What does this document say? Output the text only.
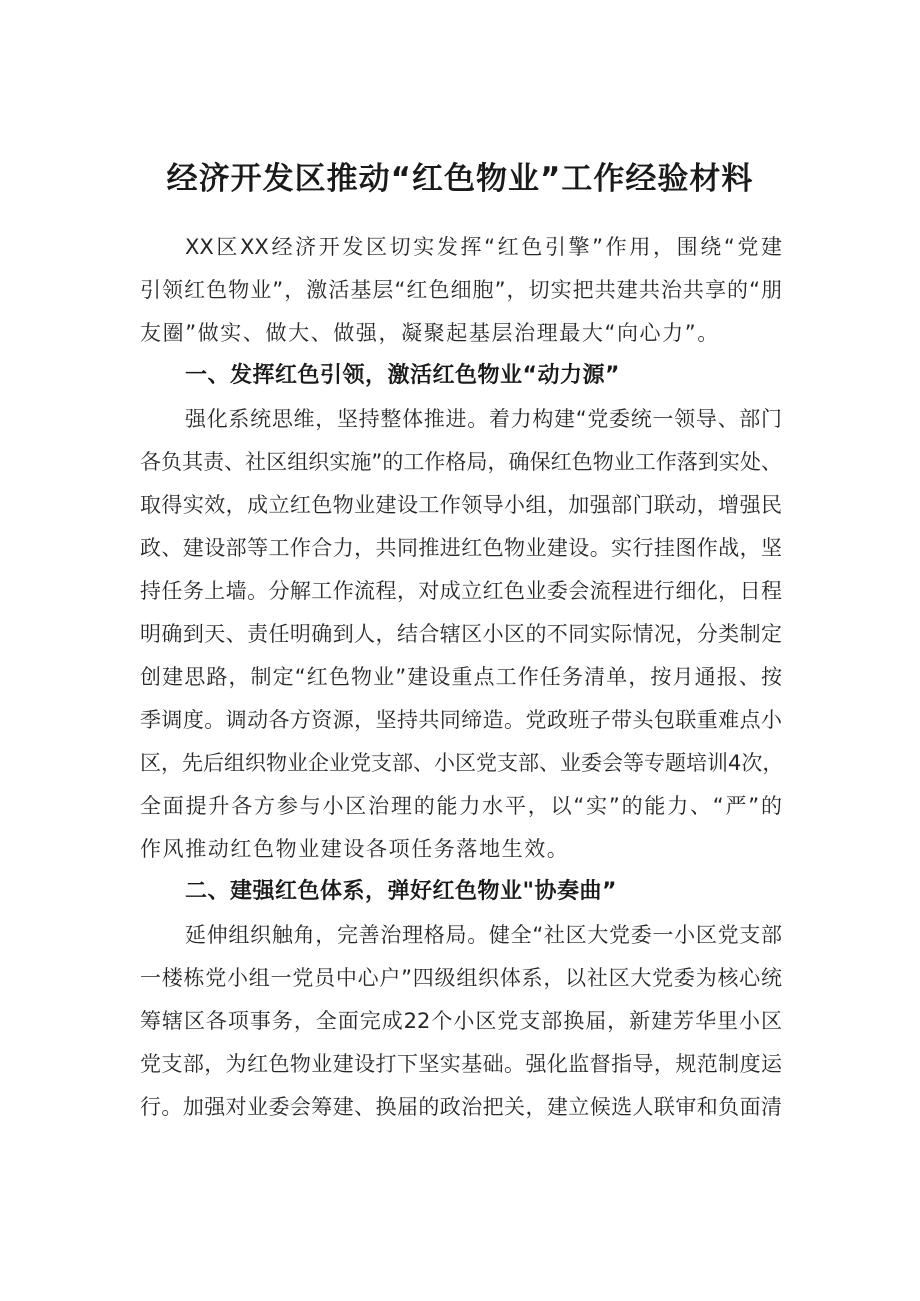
经济开发区推动“红色物业”工作经验材料
XX区XX经济开发区切实发挥“红色引擎”作用，围绕“党建
引领红色物业”，激活基层“红色细胞”，切实把共建共治共享的“朋
友圈”做实、做大、做强，凝聚起基层治理最大“向心力”。
一、发挥红色引领，激活红色物业“动力源”
强化系统思维，坚持整体推进。着力构建“党委统一领导、部门
各负其责、社区组织实施”的工作格局，确保红色物业工作落到实处、
取得实效，成立红色物业建设工作领导小组，加强部门联动，增强民
政、建设部等工作合力，共同推进红色物业建设。实行挂图作战，坚
持任务上墙。分解工作流程，对成立红色业委会流程进行细化，日程
明确到天、责任明确到人，结合辖区小区的不同实际情况，分类制定
创建思路，制定“红色物业”建设重点工作任务清单，按月通报、按
季调度。调动各方资源，坚持共同缔造。党政班子带头包联重难点小
区，先后组织物业企业党支部、小区党支部、业委会等专题培训4次，
全面提升各方参与小区治理的能力水平，以“实”的能力、“严”的
作风推动红色物业建设各项任务落地生效。
二、建强红色体系，弹好红色物业"协奏曲”
延伸组织触角，完善治理格局。健全“社区大党委一小区党支部
一楼栋党小组一党员中心户”四级组织体系，以社区大党委为核心统
筹辖区各项事务，全面完成22个小区党支部换届，新建芳华里小区
党支部，为红色物业建设打下坚实基础。强化监督指导，规范制度运
行。加强对业委会筹建、换届的政治把关，建立候选人联审和负面清
